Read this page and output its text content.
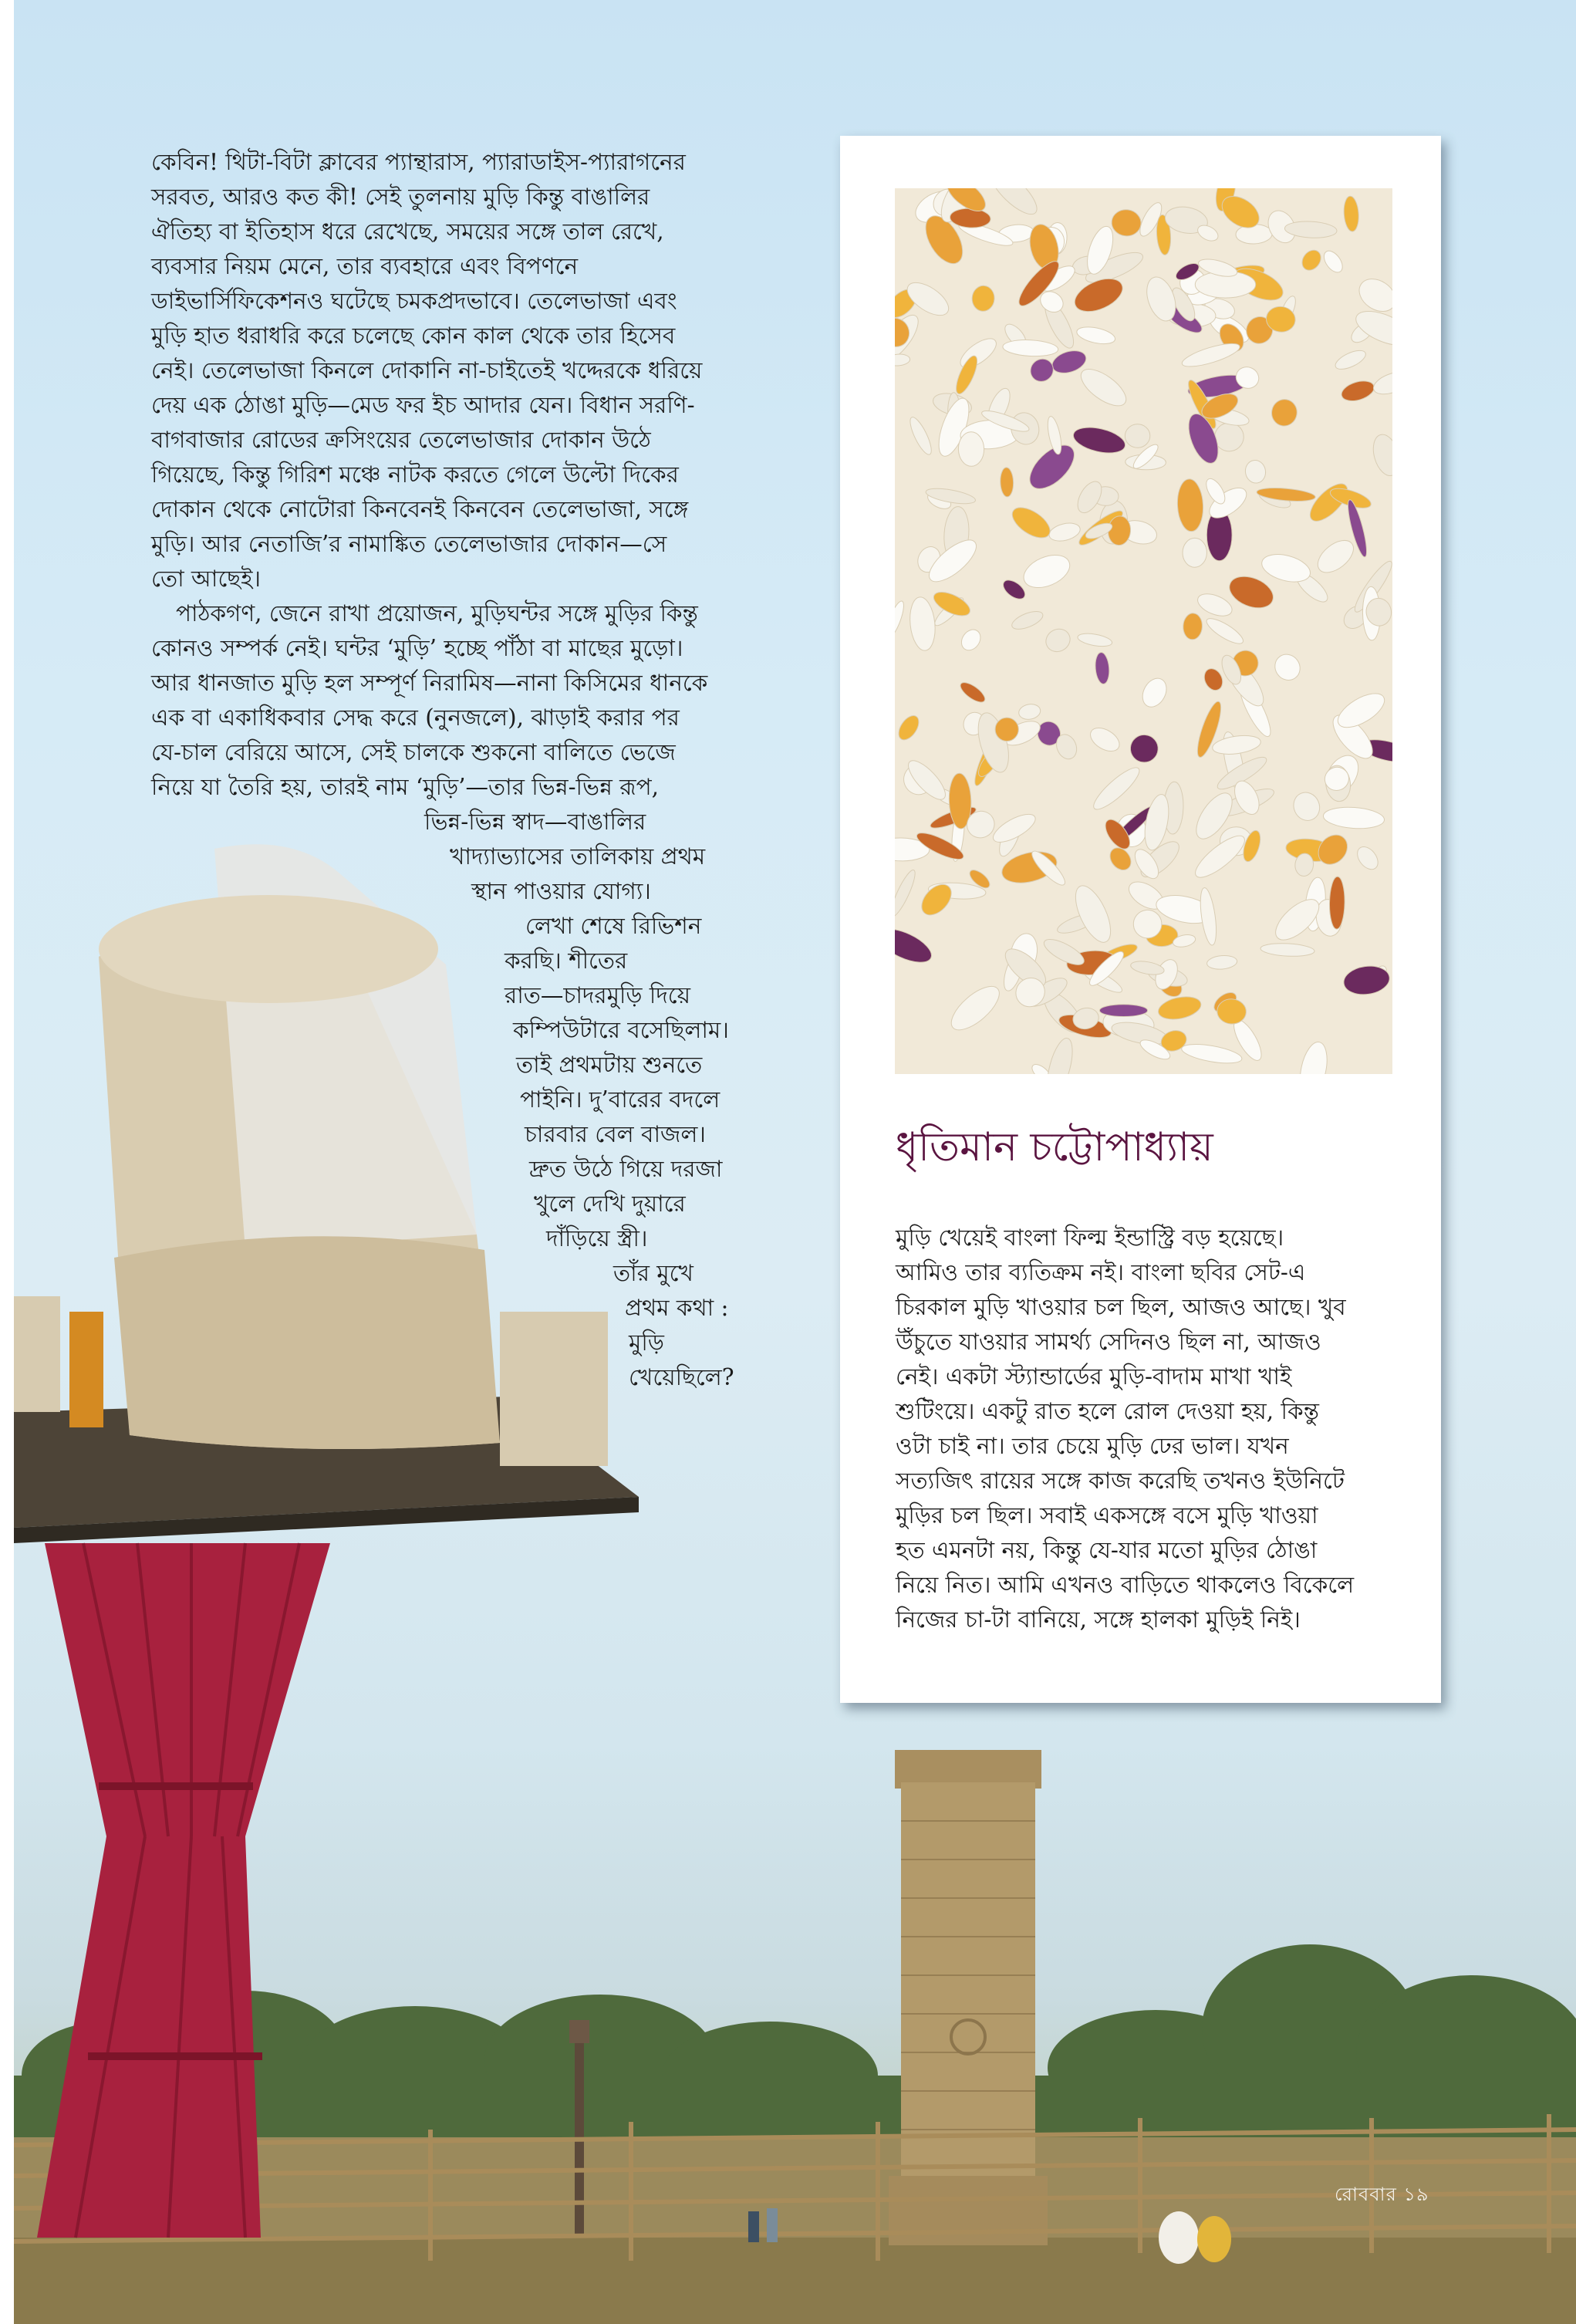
কেবিন! থিটা-বিটা ক্লাবের প্যান্থারাস, প্যারাডাইস-প্যারাগনের

সরবত, আরও কত কী! সেই তুলনায় মুড়ি কিন্তু বাঙালির

ঐতিহ্য বা ইতিহাস ধরে রেখেছে, সময়ের সঙ্গে তাল রেখে,

ব্যবসার নিয়ম মেনে, তার ব্যবহারে এবং বিপণনে

ডাইভার্সিফিকেশনও ঘটেছে চমকপ্রদভাবে। তেলেভাজা এবং

মুড়ি হাত ধরাধরি করে চলেছে কোন কাল থেকে তার হিসেব

নেই। তেলেভাজা কিনলে দোকানি না-চাইতেই খদ্দেরকে ধরিয়ে

দেয় এক ঠোঙা মুড়ি—মেড ফর ইচ আদার যেন। বিধান সরণি-

বাগবাজার রোডের ক্রসিংয়ের তেলেভাজার দোকান উঠে

গিয়েছে, কিন্তু গিরিশ মঞ্চে নাটক করতে গেলে উল্টো দিকের

দোকান থেকে নোটোরা কিনবেনই কিনবেন তেলেভাজা, সঙ্গে

মুড়ি। আর নেতাজি’র নামাঙ্কিত তেলেভাজার দোকান—সে

তো আছেই।

পাঠকগণ, জেনে রাখা প্রয়োজন, মুড়িঘন্টর সঙ্গে মুড়ির কিন্তু

কোনও সম্পর্ক নেই। ঘন্টর ‘মুড়ি’ হচ্ছে পাঁঠা বা মাছের মুড়ো।

আর ধানজাত মুড়ি হল সম্পূর্ণ নিরামিষ—নানা কিসিমের ধানকে

এক বা একাধিকবার সেদ্ধ করে (নুনজলে), ঝাড়াই করার পর

যে-চাল বেরিয়ে আসে, সেই চালকে শুকনো বালিতে ভেজে

নিয়ে যা তৈরি হয়, তারই নাম ‘মুড়ি’—তার ভিন্ন-ভিন্ন রূপ,

ভিন্ন-ভিন্ন স্বাদ—বাঙালির
খাদ্যাভ্যাসের তালিকায় প্রথম
স্থান পাওয়ার যোগ্য।
লেখা শেষে রিভিশন
করছি। শীতের
রাত—চাদরমুড়ি দিয়ে
কম্পিউটারে বসেছিলাম।
তাই প্রথমটায় শুনতে
পাইনি। দু’বারের বদলে
চারবার বেল বাজল।
দ্রুত উঠে গিয়ে দরজা
খুলে দেখি দুয়ারে
দাঁড়িয়ে স্ত্রী।
তাঁর মুখে
প্রথম কথা :
মুড়ি
খেয়েছিলে?
ধৃতিমান চট্টোপাধ্যায়

মুড়ি খেয়েই বাংলা ফিল্ম ইন্ডাস্ট্রি বড় হয়েছে।

আমিও তার ব্যতিক্রম নই। বাংলা ছবির সেট-এ

চিরকাল মুড়ি খাওয়ার চল ছিল, আজও আছে। খুব

উঁচুতে যাওয়ার সামর্থ্য সেদিনও ছিল না, আজও

নেই। একটা স্ট্যান্ডার্ডের মুড়ি-বাদাম মাখা খাই

শুটিংয়ে। একটু রাত হলে রোল দেওয়া হয়, কিন্তু

ওটা চাই না। তার চেয়ে মুড়ি ঢের ভাল। যখন

সত্যজিৎ রায়ের সঙ্গে কাজ করেছি তখনও ইউনিটে

মুড়ির চল ছিল। সবাই একসঙ্গে বসে মুড়ি খাওয়া

হত এমনটা নয়, কিন্তু যে-যার মতো মুড়ির ঠোঙা

নিয়ে নিত। আমি এখনও বাড়িতে থাকলেও বিকেলে

নিজের চা-টা বানিয়ে, সঙ্গে হালকা মুড়িই নিই।

রোববার ১৯
